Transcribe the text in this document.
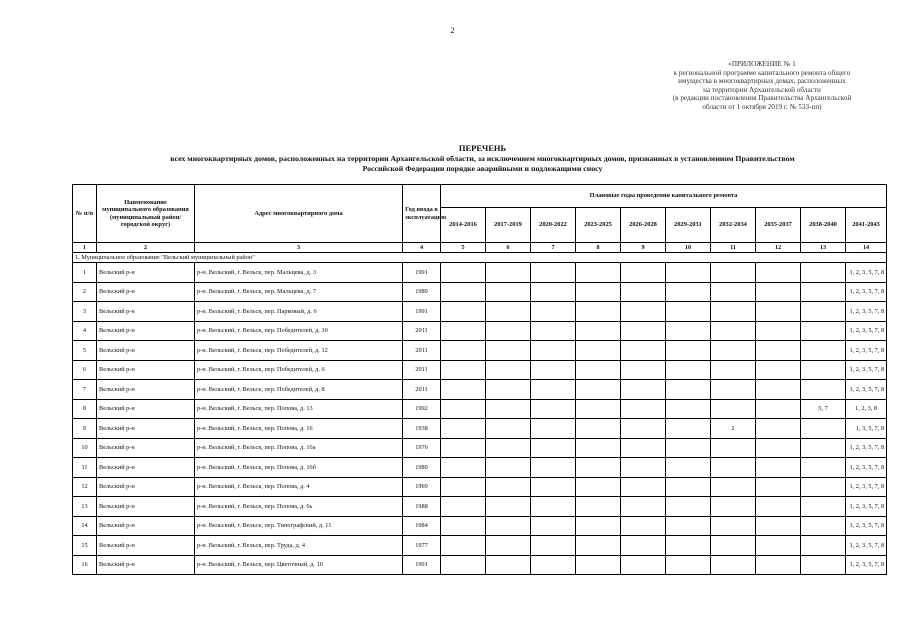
2
«ПРИЛОЖЕНИЕ № 1
к региональной программе капитального ремонта общего
имущества в многоквартирных домах, расположенных
на территории Архангельской области
(в редакции постановления Правительства Архангельской
области от 1 октября 2019 г. № 533-пп)
ПЕРЕЧЕНЬ
всех многоквартирных домов, расположенных на территории Архангельской области, за исключением многоквартирных домов, признанных в установленном Правительством
Российской Федерации порядке аварийными и подлежащими сносу
№ п/п	Наименование муниципального образования (муниципальный район/городской округ)	Адрес многоквартирного дома	Год ввода в эксплуатацию	Плановые годы проведения капитального ремонта									
				2014-2016	2017-2019	2020-2022	2023-2025	2026-2028	2029-2031	2032-2034	2035-2037	2038-2040	2041-2043
1	2	3	4	5	6	7	8	9	10	11	12	13	14
1. Муниципальное образование "Вельский муниципальный район"													
1	Вельский р-н	р-н. Вельский, г. Вельск, пер. Мальцева, д. 3	1991										1, 2, 3, 5, 7, 8
2	Вельский р-н	р-н. Вельский, г. Вельск, пер. Мальцева, д. 7	1989										1, 2, 3, 5, 7, 8
3	Вельский р-н	р-н. Вельский, г. Вельск, пер. Парковый, д. 6	1991										1, 2, 3, 5, 7, 8
4	Вельский р-н	р-н. Вельский, г. Вельск, пер. Победителей, д. 10	2011										1, 2, 3, 5, 7, 8
5	Вельский р-н	р-н. Вельский, г. Вельск, пер. Победителей, д. 12	2011										1, 2, 3, 5, 7, 8
6	Вельский р-н	р-н. Вельский, г. Вельск, пер. Победителей, д. 6	2011										1, 2, 3, 5, 7, 8
7	Вельский р-н	р-н. Вельский, г. Вельск, пер. Победителей, д. 8	2011										1, 2, 3, 5, 7, 8
8	Вельский р-н	р-н. Вельский, г. Вельск, пер. Попова, д. 13	1992									5, 7	1, 2, 3, 8
9	Вельский р-н	р-н. Вельский, г. Вельск, пер. Попова, д. 16	1938							2			1, 3, 5, 7, 8
10	Вельский р-н	р-н. Вельский, г. Вельск, пер. Попова, д. 16а	1976										1, 2, 3, 5, 7, 8
11	Вельский р-н	р-н. Вельский, г. Вельск, пер. Попова, д. 16б	1980										1, 2, 3, 5, 7, 8
12	Вельский р-н	р-н. Вельский, г. Вельск, пер. Попова, д. 4	1969										1, 2, 3, 5, 7, 8
13	Вельский р-н	р-н. Вельский, г. Вельск, пер. Попова, д. 6ь	1988										1, 2, 3, 5, 7, 8
14	Вельский р-н	р-н. Вельский, г. Вельск, пер. Типографский, д. 11	1984										1, 2, 3, 5, 7, 8
15	Вельский р-н	р-н. Вельский, г. Вельск, пер. Труда, д. 4	1977										1, 2, 3, 5, 7, 8
16	Вельский р-н	р-н. Вельский, г. Вельск, пер. Цветочный, д. 10	1991										1, 2, 3, 5, 7, 8
